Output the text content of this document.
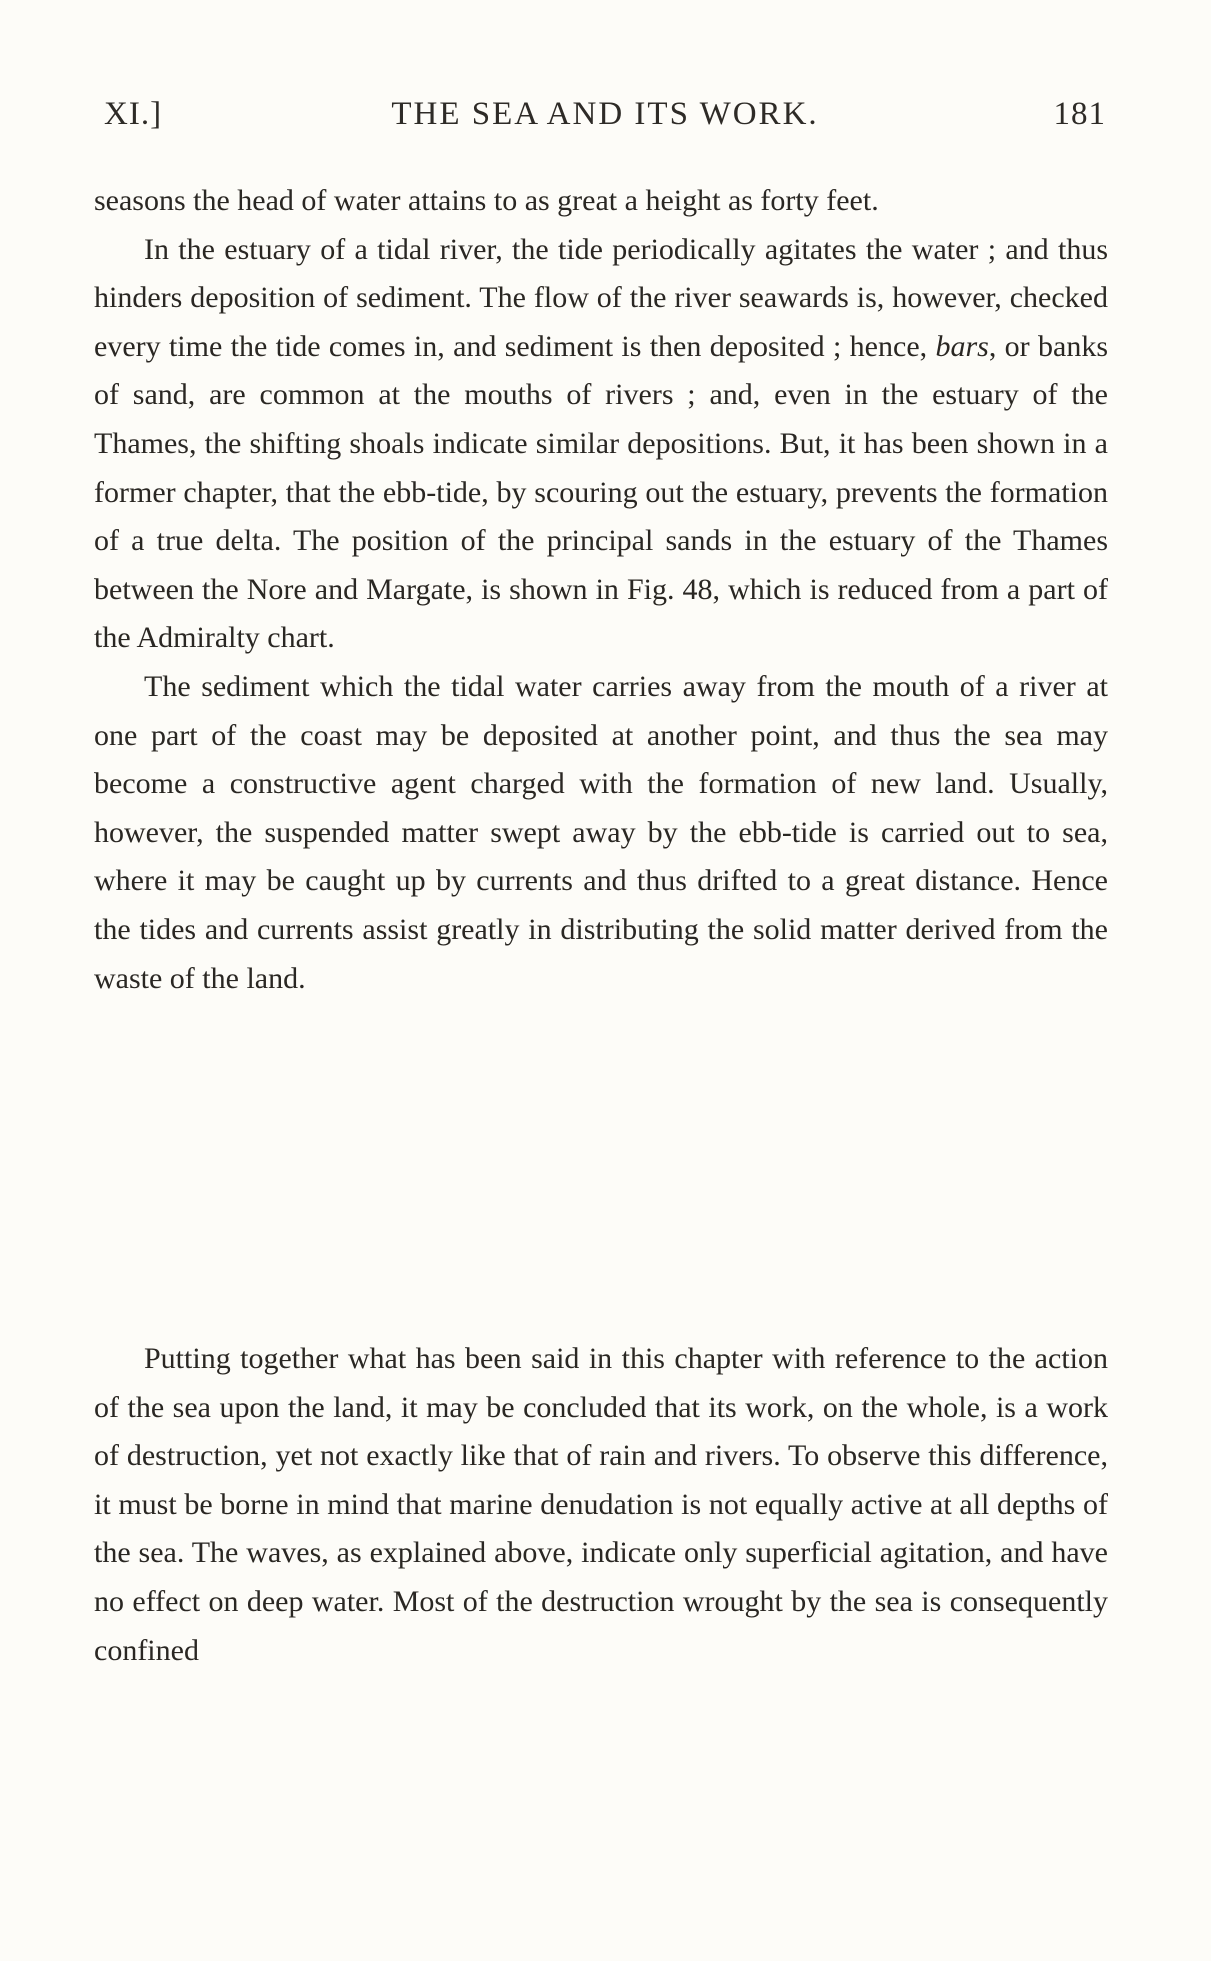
XI.]	THE SEA AND ITS WORK.	181

seasons the head of water attains to as great a height as forty feet.

In the estuary of a tidal river, the tide periodically agitates the water ; and thus hinders deposition of sediment. The flow of the river seawards is, however, checked every time the tide comes in, and sediment is then deposited ; hence, bars, or banks of sand, are common at the mouths of rivers ; and, even in the estuary of the Thames, the shifting shoals indicate similar depositions. But, it has been shown in a former chapter, that the ebb-tide, by scouring out the estuary, prevents the formation of a true delta. The position of the principal sands in the estuary of the Thames between the Nore and Margate, is shown in Fig. 48, which is reduced from a part of the Admiralty chart.

The sediment which the tidal water carries away from the mouth of a river at one part of the coast may be deposited at another point, and thus the sea may become a constructive agent charged with the formation of new land. Usually, however, the suspended matter swept away by the ebb-tide is carried out to sea, where it may be caught up by currents and thus drifted to a great distance. Hence the tides and currents assist greatly in distributing the solid matter derived from the waste of the land.

Putting together what has been said in this chapter with reference to the action of the sea upon the land, it may be concluded that its work, on the whole, is a work of destruction, yet not exactly like that of rain and rivers. To observe this difference, it must be borne in mind that marine denudation is not equally active at all depths of the sea. The waves, as explained above, indicate only superficial agitation, and have no effect on deep water. Most of the destruction wrought by the sea is consequently confined
